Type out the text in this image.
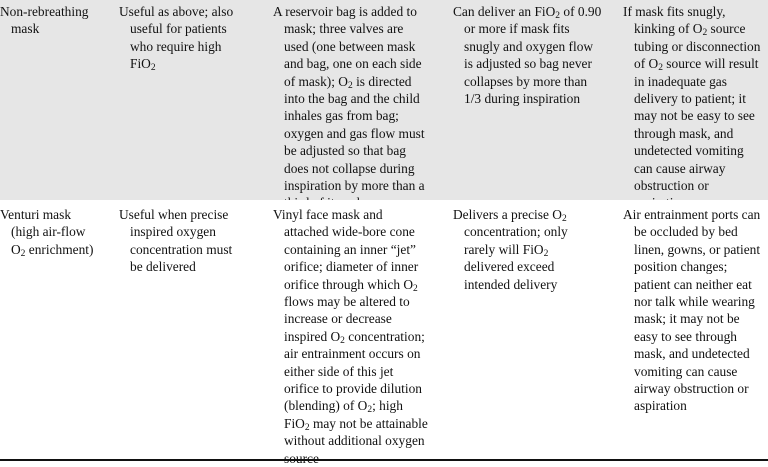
Non-rebreathing
mask
Useful as above; also
useful for patients
who require high
FiO$_2$
A reservoir bag is added to
mask; three valves are
used (one between mask
and bag, one on each side
of mask); $O_2$ is directed
into the bag and the child
inhales gas from bag;
oxygen and gas flow must
be adjusted so that bag
does not collapse during
inspiration by more than a
Can deliver an FiO$_2$ of 0.90
or more if mask fits
snugly and oxygen flow
is adjusted so bag never
collapses by more than
1/3 during inspiration
If mask fits snugly,
kinking of $O_2$ source
tubing or disconnection
of $O_2$ source will result
in inadequate gas
delivery to patient; it
may not be easy to see
through mask, and
undetected vomiting
can cause airway
obstruction or
Venturi mask
(high air-flow
$O_2$ enrichment)
Useful when precise
inspired oxygen
concentration must
be delivered
Vinyl face mask and
attached wide-bore cone
containing an inner “jet”
orifice; diameter of inner
orifice through which $O_2$
flows may be altered to
increase or decrease
inspired $O_2$ concentration;
air entrainment occurs on
either side of this jet
orifice to provide dilution
(blending) of $O_2$; high
FiO$_2$ may not be attainable
without additional oxygen
Delivers a precise $O_2$
concentration; only
rarely will FiO$_2$
delivered exceed
intended delivery
Air entrainment ports can
be occluded by bed
linen, gowns, or patient
position changes;
patient can neither eat
nor talk while wearing
mask; it may not be
easy to see through
mask, and undetected
vomiting can cause
airway obstruction or
aspiration
